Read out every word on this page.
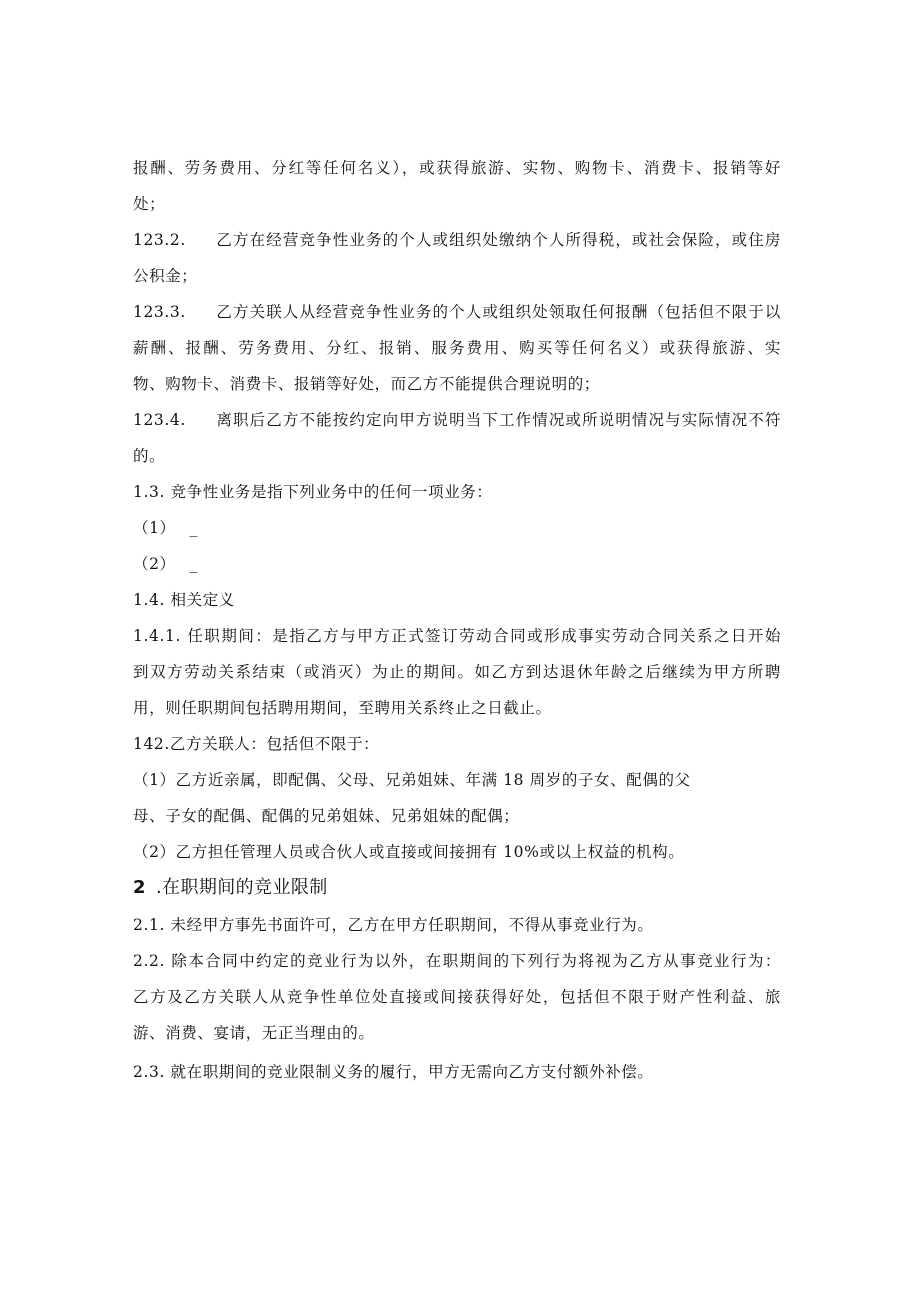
报酬、劳务费用、分红等任何名义），或获得旅游、实物、购物卡、消费卡、报销等好
处；
123.2. 乙方在经营竞争性业务的个人或组织处缴纳个人所得税，或社会保险，或住房
公积金；
123.3. 乙方关联人从经营竞争性业务的个人或组织处领取任何报酬（包括但不限于以
薪酬、报酬、劳务费用、分红、报销、服务费用、购买等任何名义）或获得旅游、实
物、购物卡、消费卡、报销等好处，而乙方不能提供合理说明的；
123.4. 离职后乙方不能按约定向甲方说明当下工作情况或所说明情况与实际情况不符
的。
1.3. 竞争性业务是指下列业务中的任何一项业务：
（1） _
（2） _
1.4. 相关定义
1.4.1. 任职期间：是指乙方与甲方正式签订劳动合同或形成事实劳动合同关系之日开始
到双方劳动关系结束（或消灭）为止的期间。如乙方到达退休年龄之后继续为甲方所聘
用，则任职期间包括聘用期间，至聘用关系终止之日截止。
142.乙方关联人：包括但不限于：
（1）乙方近亲属，即配偶、父母、兄弟姐妹、年满 18 周岁的子女、配偶的父
母、子女的配偶、配偶的兄弟姐妹、兄弟姐妹的配偶；
（2）乙方担任管理人员或合伙人或直接或间接拥有 10%或以上权益的机构。
2 .在职期间的竞业限制
2.1. 未经甲方事先书面许可，乙方在甲方任职期间，不得从事竞业行为。
2.2. 除本合同中约定的竞业行为以外，在职期间的下列行为将视为乙方从事竞业行为：
乙方及乙方关联人从竞争性单位处直接或间接获得好处，包括但不限于财产性利益、旅
游、消费、宴请，无正当理由的。
2.3. 就在职期间的竞业限制义务的履行，甲方无需向乙方支付额外补偿。
